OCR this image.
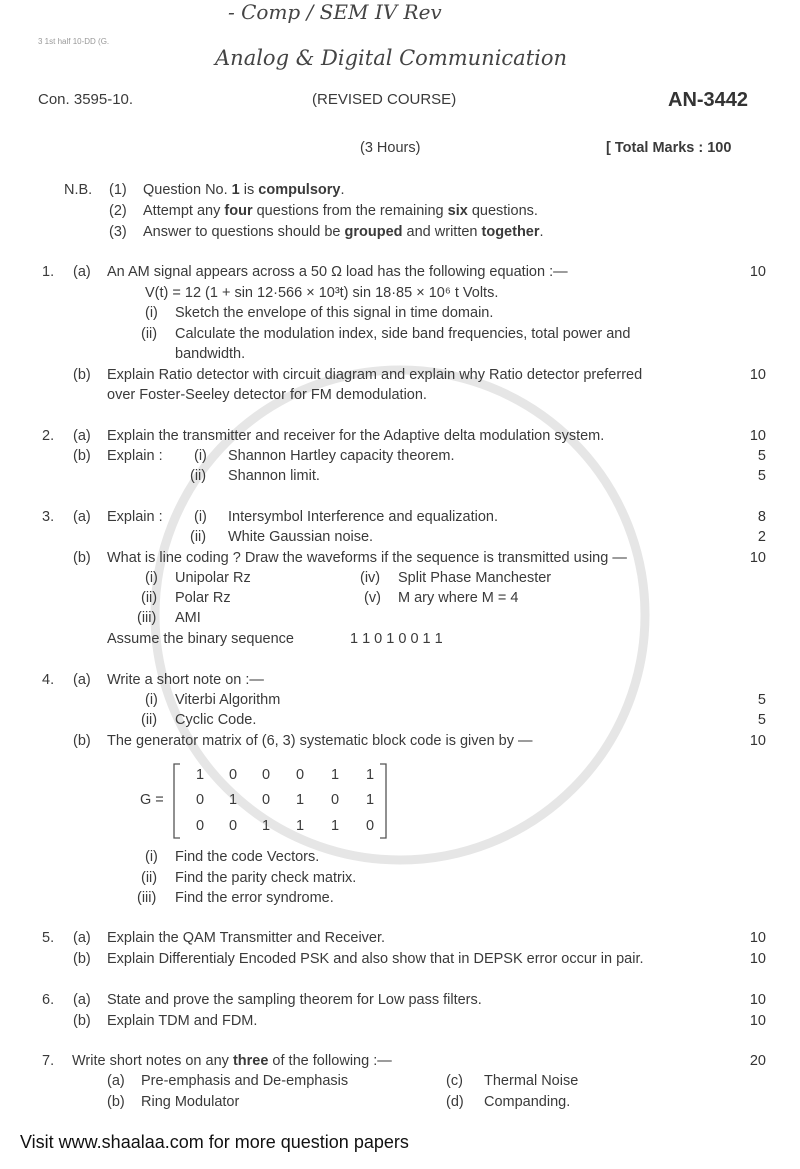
- Comp / SEM IV Rev
3 1st half 10-DD (G.
Analog & Digital Communication
Con. 3595-10.	(REVISED COURSE)	AN-3442
(3 Hours)	[ Total Marks : 100
N.B. (1) Question No. 1 is compulsory.
(2) Attempt any four questions from the remaining six questions.
(3) Answer to questions should be grouped and written together.
1. (a) An AM signal appears across a 50 Ω load has the following equation :—	10
V(t) = 12 (1 + sin 12·566 × 10³t) sin 18·85 × 10⁶ t Volts.
(i) Sketch the envelope of this signal in time domain.
(ii) Calculate the modulation index, side band frequencies, total power and
bandwidth.
(b) Explain Ratio detector with circuit diagram and explain why Ratio detector preferred	10
over Foster-Seeley detector for FM demodulation.
2. (a) Explain the transmitter and receiver for the Adaptive delta modulation system.	10
(b) Explain : (i) Shannon Hartley capacity theorem.	5
(ii) Shannon limit.	5
3. (a) Explain : (i) Intersymbol Interference and equalization.	8
(ii) White Gaussian noise.	2
(b) What is line coding ? Draw the waveforms if the sequence is transmitted using —	10
(i) Unipolar Rz
(ii) Polar Rz
(iii) AMI
(iv) Split Phase Manchester
(v) M ary where M = 4
Assume the binary sequence	1 1 0 1 0 0 1 1
4. (a) Write a short note on :—
(i) Viterbi Algorithm	5
(ii) Cyclic Code.	5
(b) The generator matrix of (6, 3) systematic block code is given by —	10
G =
1 0 0 0 1 1
0 1 0 1 0 1
0 0 1 1 1 0
(i) Find the code Vectors.
(ii) Find the parity check matrix.
(iii) Find the error syndrome.
5. (a) Explain the QAM Transmitter and Receiver.	10
(b) Explain Differentialy Encoded PSK and also show that in DEPSK error occur in pair.	10
6. (a) State and prove the sampling theorem for Low pass filters.	10
(b) Explain TDM and FDM.	10
7. Write short notes on any three of the following :—	20
(a) Pre-emphasis and De-emphasis
(b) Ring Modulator
(c) Thermal Noise
(d) Companding.
Visit www.shaalaa.com for more question papers
